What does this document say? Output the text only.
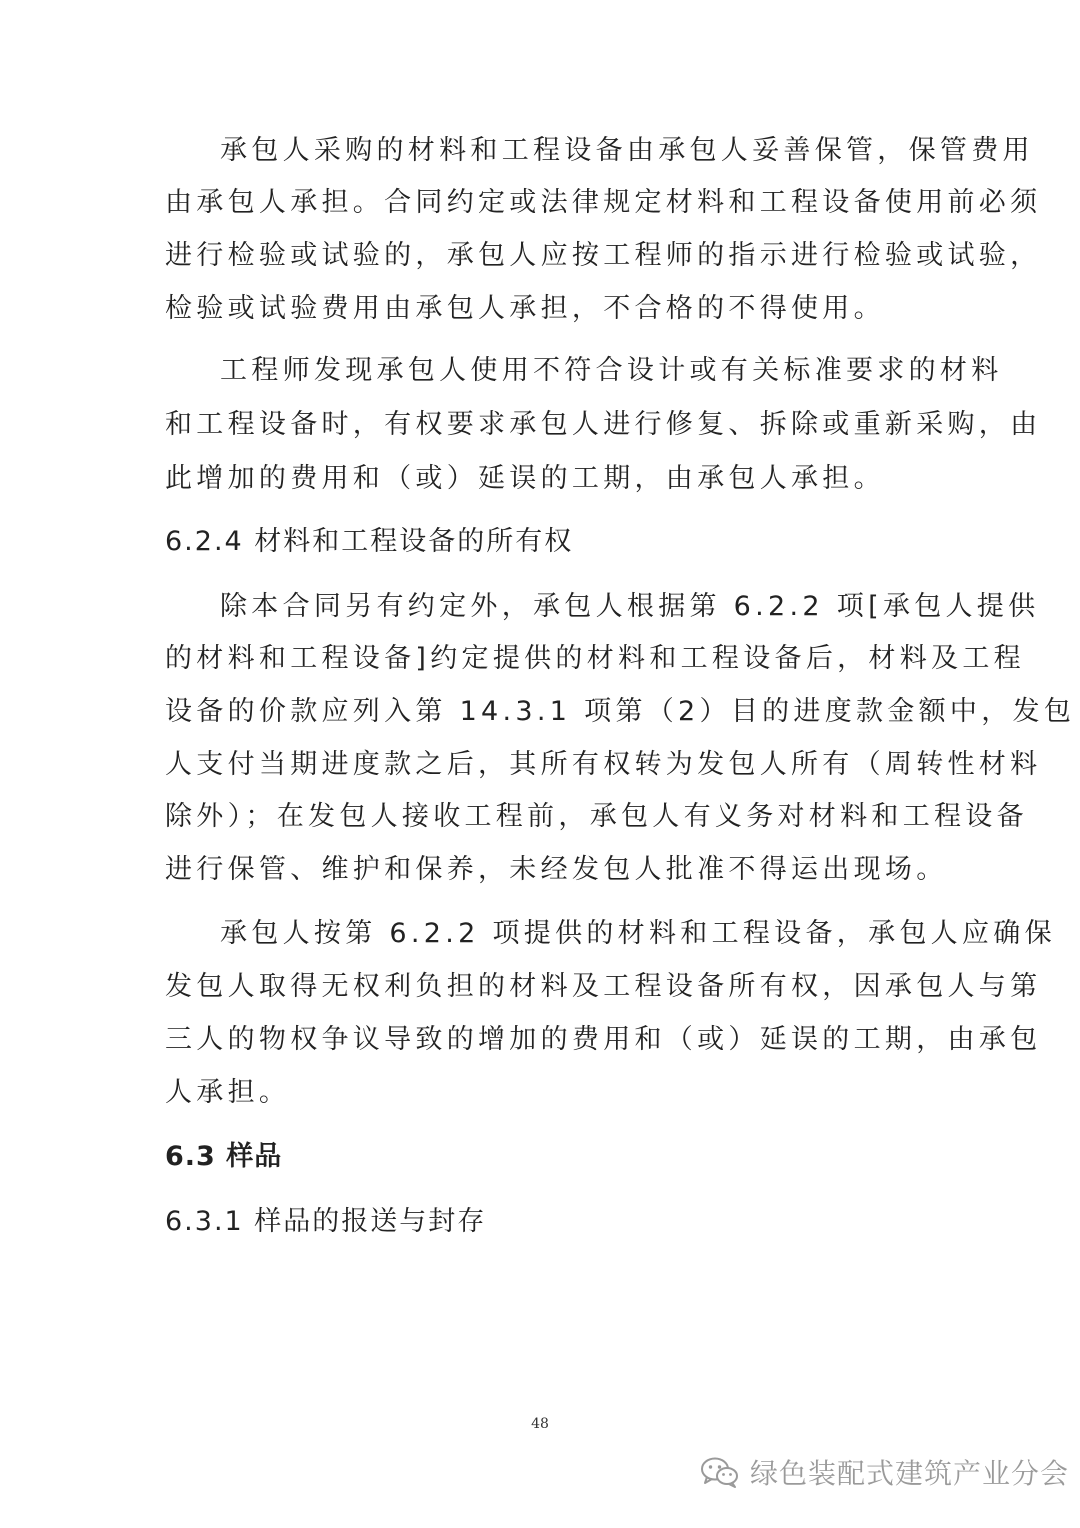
承包人采购的材料和工程设备由承包人妥善保管，保管费用
由承包人承担。合同约定或法律规定材料和工程设备使用前必须
进行检验或试验的，承包人应按工程师的指示进行检验或试验，
检验或试验费用由承包人承担，不合格的不得使用。
工程师发现承包人使用不符合设计或有关标准要求的材料
和工程设备时，有权要求承包人进行修复、拆除或重新采购，由
此增加的费用和（或）延误的工期，由承包人承担。
6.2.4 材料和工程设备的所有权
除本合同另有约定外，承包人根据第 6.2.2 项[承包人提供
的材料和工程设备]约定提供的材料和工程设备后，材料及工程
设备的价款应列入第 14.3.1 项第（2）目的进度款金额中，发包
人支付当期进度款之后，其所有权转为发包人所有（周转性材料
除外）；在发包人接收工程前，承包人有义务对材料和工程设备
进行保管、维护和保养，未经发包人批准不得运出现场。
承包人按第 6.2.2 项提供的材料和工程设备，承包人应确保
发包人取得无权利负担的材料及工程设备所有权，因承包人与第
三人的物权争议导致的增加的费用和（或）延误的工期，由承包
人承担。
6.3 样品
6.3.1 样品的报送与封存
48
绿色装配式建筑产业分会
